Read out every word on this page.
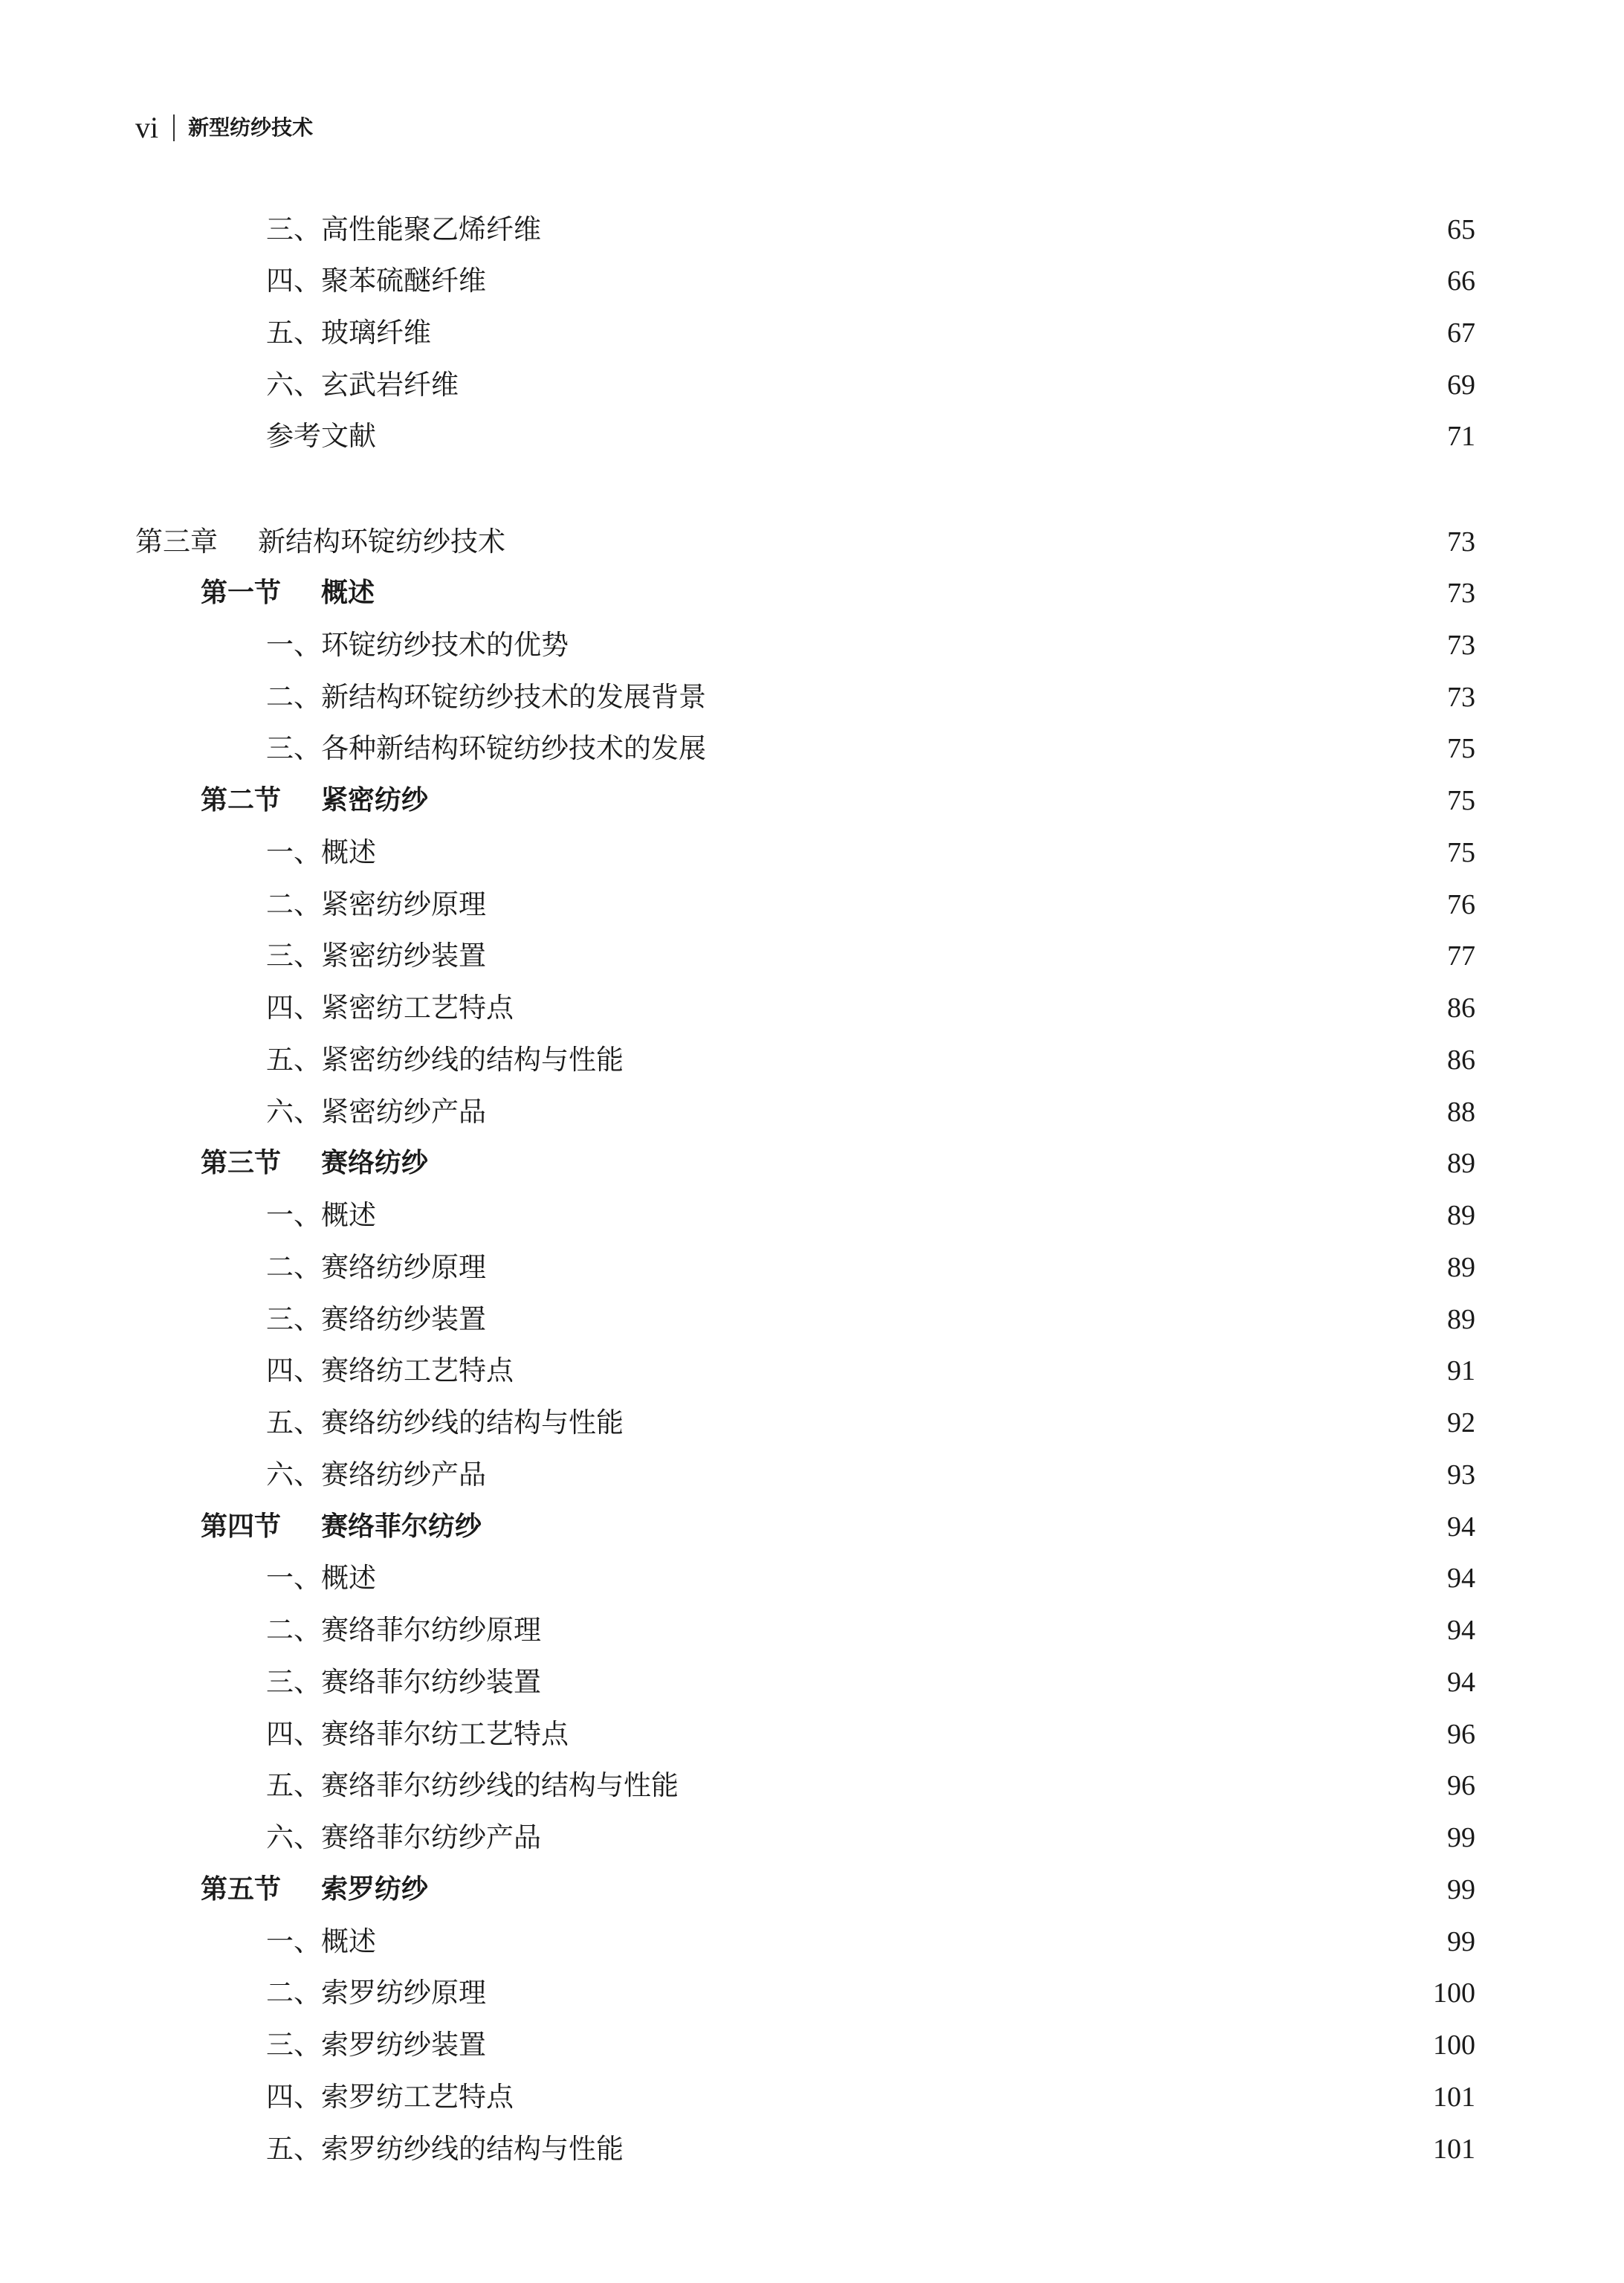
vi 新型纺纱技术
三、高性能聚乙烯纤维	65
四、聚苯硫醚纤维	66
五、玻璃纤维	67
六、玄武岩纤维	69
参考文献	71
第三章 新结构环锭纺纱技术	73
第一节 概述	73
一、环锭纺纱技术的优势	73
二、新结构环锭纺纱技术的发展背景	73
三、各种新结构环锭纺纱技术的发展	75
第二节 紧密纺纱	75
一、概述	75
二、紧密纺纱原理	76
三、紧密纺纱装置	77
四、紧密纺工艺特点	86
五、紧密纺纱线的结构与性能	86
六、紧密纺纱产品	88
第三节 赛络纺纱	89
一、概述	89
二、赛络纺纱原理	89
三、赛络纺纱装置	89
四、赛络纺工艺特点	91
五、赛络纺纱线的结构与性能	92
六、赛络纺纱产品	93
第四节 赛络菲尔纺纱	94
一、概述	94
二、赛络菲尔纺纱原理	94
三、赛络菲尔纺纱装置	94
四、赛络菲尔纺工艺特点	96
五、赛络菲尔纺纱线的结构与性能	96
六、赛络菲尔纺纱产品	99
第五节 索罗纺纱	99
一、概述	99
二、索罗纺纱原理	100
三、索罗纺纱装置	100
四、索罗纺工艺特点	101
五、索罗纺纱线的结构与性能	101
